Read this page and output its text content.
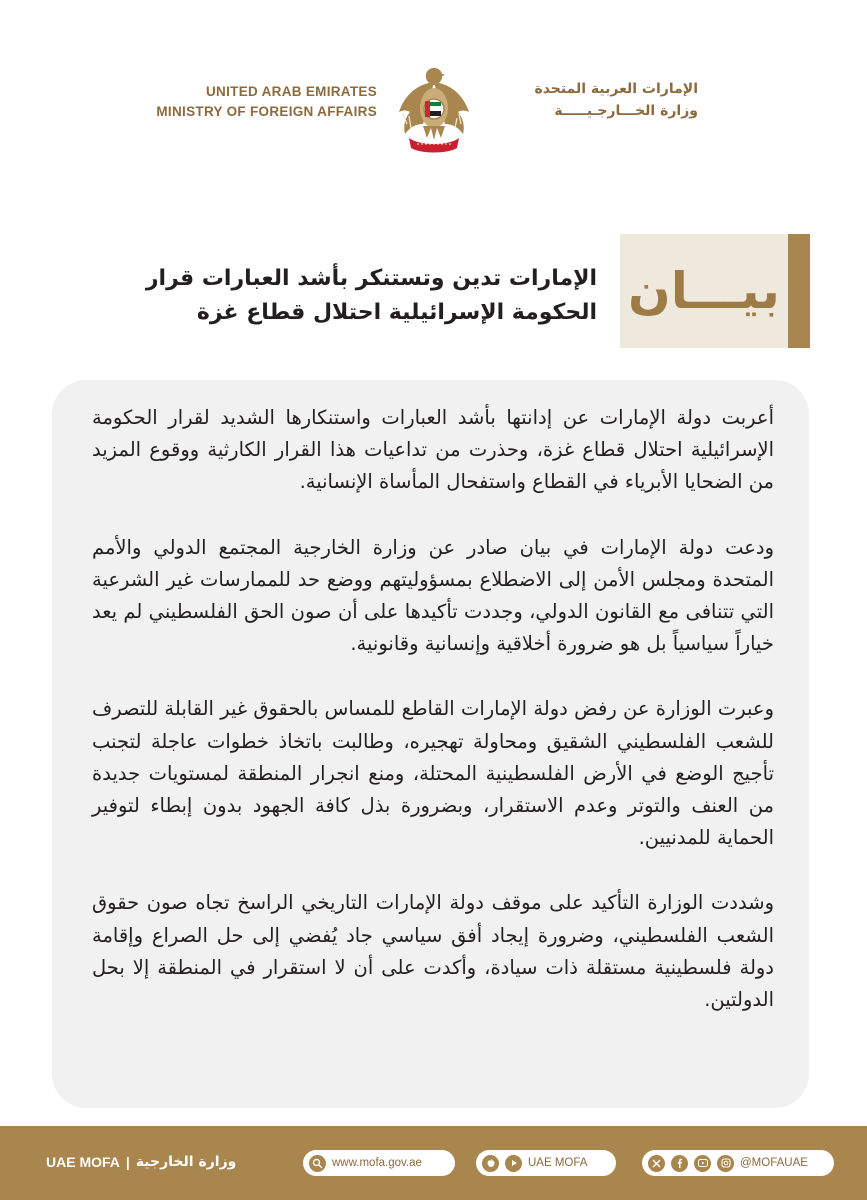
UNITED ARAB EMIRATES
MINISTRY OF FOREIGN AFFAIRS
الإمارات العربية المتحدة
وزارة الخـــارجـيـــــة
بيـــان
الإمارات تدين وتستنكر بأشد العبارات قرار
الحكومة الإسرائيلية احتلال قطاع غزة

أعربت دولة الإمارات عن إدانتها بأشد العبارات واستنكارها الشديد لقرار الحكومة الإسرائيلية احتلال قطاع غزة، وحذرت من تداعيات هذا القرار الكارثية ووقوع المزيد من الضحايا الأبرياء في القطاع واستفحال المأساة الإنسانية.

ودعت دولة الإمارات في بيان صادر عن وزارة الخارجية المجتمع الدولي والأمم المتحدة ومجلس الأمن إلى الاضطلاع بمسؤوليتهم ووضع حد للممارسات غير الشرعية التي تتنافى مع القانون الدولي، وجددت تأكيدها على أن صون الحق الفلسطيني لم يعد خياراً سياسياً بل هو ضرورة أخلاقية وإنسانية وقانونية.

وعبرت الوزارة عن رفض دولة الإمارات القاطع للمساس بالحقوق غير القابلة للتصرف للشعب الفلسطيني الشقيق ومحاولة تهجيره، وطالبت باتخاذ خطوات عاجلة لتجنب تأجيج الوضع في الأرض الفلسطينية المحتلة، ومنع انجرار المنطقة لمستويات جديدة من العنف والتوتر وعدم الاستقرار، وبضرورة بذل كافة الجهود بدون إبطاء لتوفير الحماية للمدنيين.

وشددت الوزارة التأكيد على موقف دولة الإمارات التاريخي الراسخ تجاه صون حقوق الشعب الفلسطيني، وضرورة إيجاد أفق سياسي جاد يُفضي إلى حل الصراع وإقامة دولة فلسطينية مستقلة ذات سيادة، وأكدت على أن لا استقرار في المنطقة إلا بحل الدولتين.

UAE MOFA | وزارة الخارجية	www.mofa.gov.ae	UAE MOFA	@MOFAUAE
